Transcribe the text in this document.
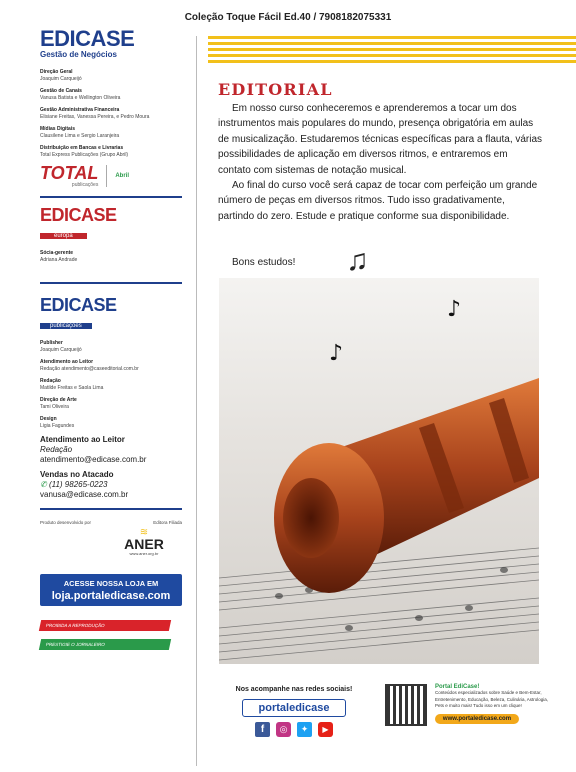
Coleção Toque Fácil Ed.40 / 7908182075331
EDICASE
Gestão de Negócios
Direção Geral
Joaquim Carqueijó
Gestão de Canais
Vanusa Batista e Wellington Oliveira
Gestão Administrativa Financeira
Elisiane Freitas, Vanessa Pereira, e Pedro Moura
Mídias Digitais
Clausilene Lima e Sergio Laranjeira
Distribuição em Bancas e Livrarias
Total Express Publicações (Grupo Abril)
TOTAL
publicações
Abril
EDICASE
europa
Sócia-gerente
Adriana Andrade
EDICASE
publicações
Publisher
Joaquim Carqueijó
Atendimento ao Leitor
Redação atendimento@caseeditorial.com.br
Redação
Matilde Freitas e Saola Lima
Direção de Arte
Tami Oliveira
Design
Ligia Fagundes
Atendimento ao Leitor
Redação
atendimento@edicase.com.br
Vendas no Atacado
✆ (11) 98265-0223
vanusa@edicase.com.br
Produto desenvolvido por	Editora Filiada
≋
ANER
www.aner.org.br
ACESSE NOSSA LOJA EM
loja.portaledicase.com
PROIBIDA A REPRODUÇÃO
PRESTIGIE O JORNALEIRO
EDITORIAL

Em nosso curso conheceremos e aprenderemos a tocar um dos instrumentos mais populares do mundo, presença obrigatória em aulas de musicalização. Estudaremos técnicas específicas para a flauta, várias possibilidades de aplicação em diversos ritmos, e entraremos em contato com sistemas de notação musical.

Ao final do curso você será capaz de tocar com perfeição um grande número de peças em diversos ritmos. Tudo isso gradativamente, partindo do zero. Estude e pratique conforme sua disponibilidade.

Bons estudos! ♫
♪
♪
Nos acompanhe nas redes sociais!
portaledicase
f	◎	✦	▶
Portal EdiCase!
Conteúdos especializados sobre Saúde e Bem-Estar, Entretenimento, Educação, Beleza, Culinária, Astrologia, Pets e muito mais! Tudo isso em um clique!
www.portaledicase.com
